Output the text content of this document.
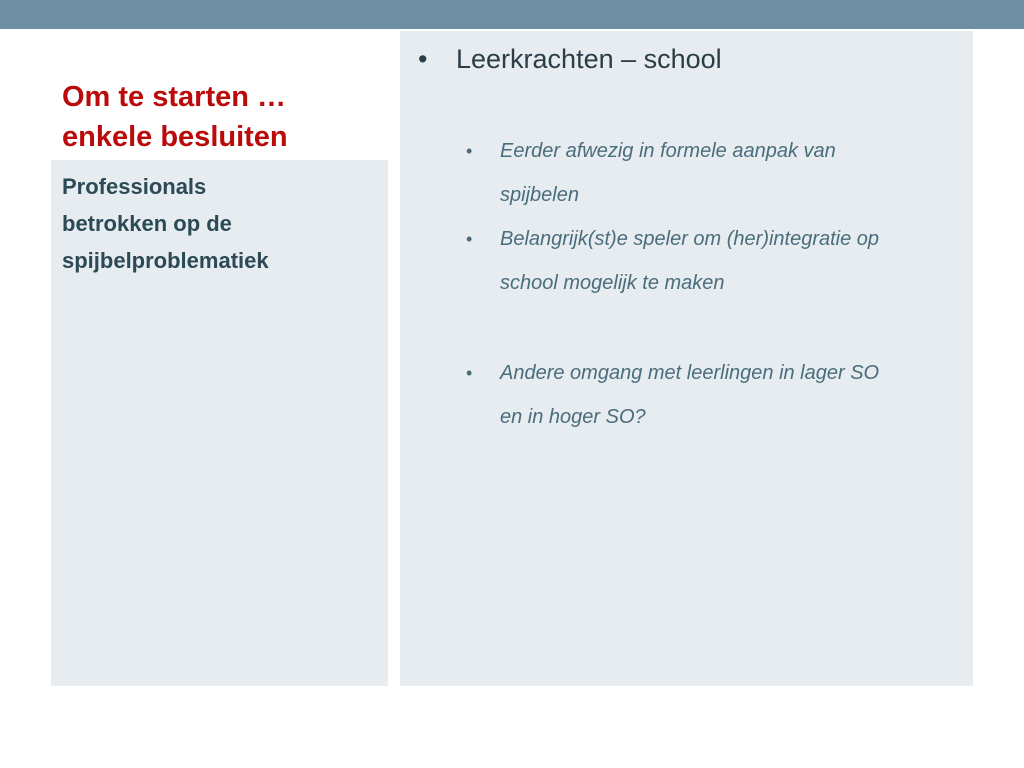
Om te starten …
enkele besluiten
Professionals
betrokken op de
spijbelproblematiek
• Leerkrachten – school
• Eerder afwezig in formele aanpak van
spijbelen
• Belangrijk(st)e speler om (her)integratie op
school mogelijk te maken
• Andere omgang met leerlingen in lager SO
en in hoger SO?
